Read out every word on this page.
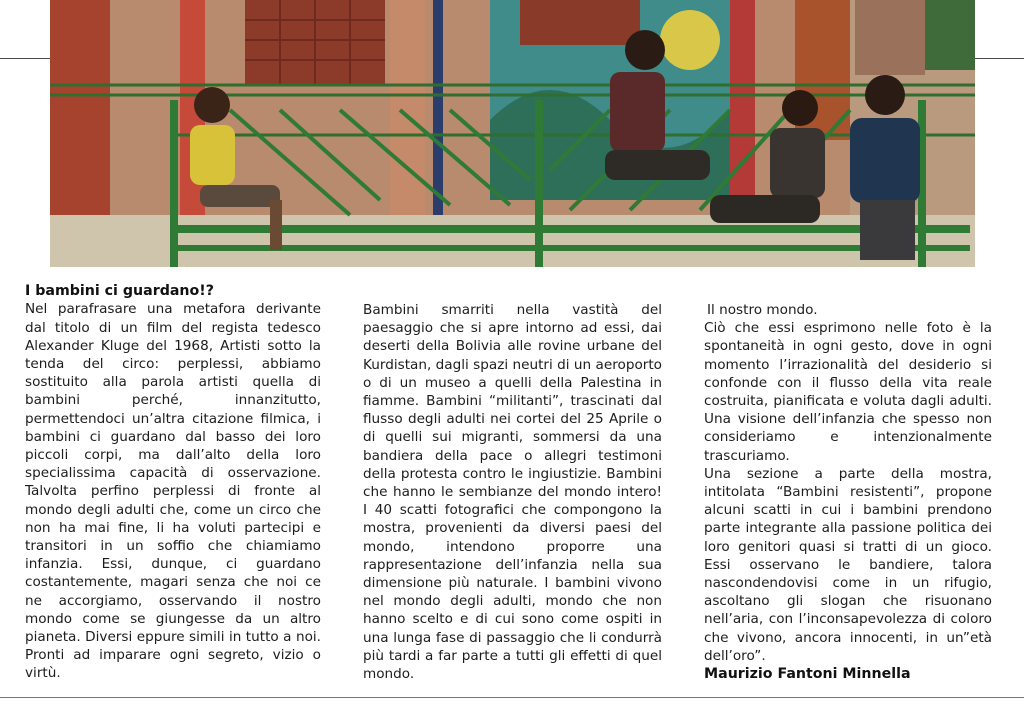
I bambini ci guardano!?

Nel parafrasare una metafora derivante dal titolo di un film del regista tedesco Alexander Kluge del 1968, Artisti sotto la tenda del circo: perplessi, abbiamo sostituito alla parola artisti quella di bambini perché, innanzitutto, permettendoci un’altra citazione filmica, i bambini ci guardano dal basso dei loro piccoli corpi, ma dall’alto della loro specialissima capacità di osservazione. Talvolta perfino perplessi di fronte al mondo degli adulti che, come un circo che non ha mai fine, li ha voluti partecipi e transitori in un soffio che chiamiamo infanzia. Essi, dunque, ci guardano costantemente, magari senza che noi ce ne accorgiamo, osservando il nostro mondo come se giungesse da un altro pianeta. Diversi eppure simili in tutto a noi. Pronti ad imparare ogni segreto, vizio o virtù.

Bambini smarriti nella vastità del paesaggio che si apre intorno ad essi, dai deserti della Bolivia alle rovine urbane del Kurdistan, dagli spazi neutri di un aeroporto o di un museo a quelli della Palestina in fiamme. Bambini “militanti”, trascinati dal flusso degli adulti nei cortei del 25 Aprile o di quelli sui migranti, sommersi da una bandiera della pace o allegri testimoni della protesta contro le ingiustizie. Bambini che hanno le sembianze del mondo intero! I 40 scatti fotografici che compongono la mostra, provenienti da diversi paesi del mondo, intendono proporre una rappresentazione dell’infanzia nella sua dimensione più naturale. I bambini vivono nel mondo degli adulti, mondo che non hanno scelto e di cui sono come ospiti in una lunga fase di passaggio che li condurrà più tardi a far parte a tutti gli effetti di quel mondo.

Il nostro mondo.

Ciò che essi esprimono nelle foto è la spontaneità in ogni gesto, dove in ogni momento l’irrazionalità del desiderio si confonde con il flusso della vita reale costruita, pianificata e voluta dagli adulti. Una visione dell’infanzia che spesso non consideriamo e intenzionalmente trascuriamo.

Una sezione a parte della mostra, intitolata “Bambini resistenti”, propone alcuni scatti in cui i bambini prendono parte integrante alla passione politica dei loro genitori quasi si tratti di un gioco. Essi osservano le bandiere, talora nascondendovisi come in un rifugio, ascoltano gli slogan che risuonano nell’aria, con l’inconsapevolezza di coloro che vivono, ancora innocenti, in un”età dell’oro”.

Maurizio Fantoni Minnella
